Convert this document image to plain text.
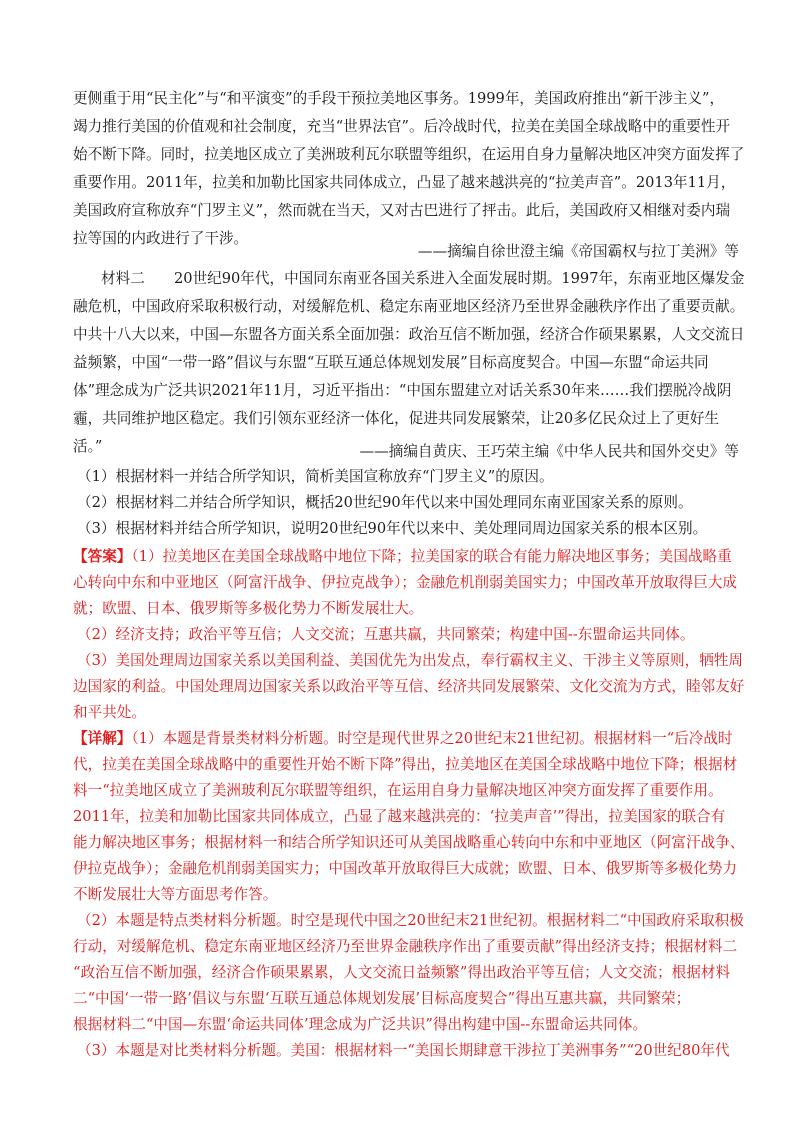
更侧重于用“民主化”与“和平演变”的手段干预拉美地区事务。1999年，美国政府推出“新干涉主义”，
竭力推行美国的价值观和社会制度，充当“世界法官”。后冷战时代，拉美在美国全球战略中的重要性开
始不断下降。同时，拉美地区成立了美洲玻利瓦尔联盟等组织，在运用自身力量解决地区冲突方面发挥了
重要作用。2011年，拉美和加勒比国家共同体成立，凸显了越来越洪亮的“拉美声音”。2013年11月，
美国政府宣称放弃“门罗主义”，然而就在当天，又对古巴进行了抨击。此后，美国政府又相继对委内瑞
拉等国的内政进行了干涉。
——摘编自徐世澄主编《帝国霸权与拉丁美洲》等
材料二　　20世纪90年代，中国同东南亚各国关系进入全面发展时期。1997年，东南亚地区爆发金
融危机，中国政府采取积极行动，对缓解危机、稳定东南亚地区经济乃至世界金融秩序作出了重要贡献。
中共十八大以来，中国—东盟各方面关系全面加强：政治互信不断加强，经济合作硕果累累，人文交流日
益频繁，中国“一带一路”倡议与东盟“互联互通总体规划发展”目标高度契合。中国—东盟“命运共同
体”理念成为广泛共识2021年11月，习近平指出：“中国东盟建立对话关系30年来……我们摆脱冷战阴
霾，共同维护地区稳定。我们引领东亚经济一体化，促进共同发展繁荣，让20多亿民众过上了更好生
活。”	——摘编自黄庆、王巧荣主编《中华人民共和国外交史》等
（1）根据材料一并结合所学知识，简析美国宣称放弃“门罗主义”的原因。
（2）根据材料二并结合所学知识，概括20世纪90年代以来中国处理同东南亚国家关系的原则。
（3）根据材料并结合所学知识，说明20世纪90年代以来中、美处理同周边国家关系的根本区别。
【答案】（1）拉美地区在美国全球战略中地位下降；拉美国家的联合有能力解决地区事务；美国战略重
心转向中东和中亚地区（阿富汗战争、伊拉克战争）；金融危机削弱美国实力；中国改革开放取得巨大成
就；欧盟、日本、俄罗斯等多极化势力不断发展壮大。
（2）经济支持；政治平等互信；人文交流；互惠共赢，共同繁荣；构建中国--东盟命运共同体。
（3）美国处理周边国家关系以美国利益、美国优先为出发点，奉行霸权主义、干涉主义等原则，牺牲周
边国家的利益。中国处理周边国家关系以政治平等互信、经济共同发展繁荣、文化交流为方式，睦邻友好
和平共处。
【详解】（1）本题是背景类材料分析题。时空是现代世界之20世纪末21世纪初。根据材料一“后冷战时
代，拉美在美国全球战略中的重要性开始不断下降”得出，拉美地区在美国全球战略中地位下降；根据材
料一“拉美地区成立了美洲玻利瓦尔联盟等组织，在运用自身力量解决地区冲突方面发挥了重要作用。
2011年，拉美和加勒比国家共同体成立，凸显了越来越洪亮的：‘拉美声音’”得出，拉美国家的联合有
能力解决地区事务；根据材料一和结合所学知识还可从美国战略重心转向中东和中亚地区（阿富汗战争、
伊拉克战争）；金融危机削弱美国实力；中国改革开放取得巨大成就；欧盟、日本、俄罗斯等多极化势力
不断发展壮大等方面思考作答。
（2）本题是特点类材料分析题。时空是现代中国之20世纪末21世纪初。根据材料二“中国政府采取积极
行动，对缓解危机、稳定东南亚地区经济乃至世界金融秩序作出了重要贡献”得出经济支持；根据材料二
“政治互信不断加强，经济合作硕果累累，人文交流日益频繁”得出政治平等互信；人文交流；根据材料
二“中国‘一带一路’倡议与东盟‘互联互通总体规划发展’目标高度契合”得出互惠共赢，共同繁荣；
根据材料二“中国—东盟‘命运共同体’理念成为广泛共识”得出构建中国--东盟命运共同体。
（3）本题是对比类材料分析题。美国：根据材料一“美国长期肆意干涉拉丁美洲事务”“20世纪80年代
